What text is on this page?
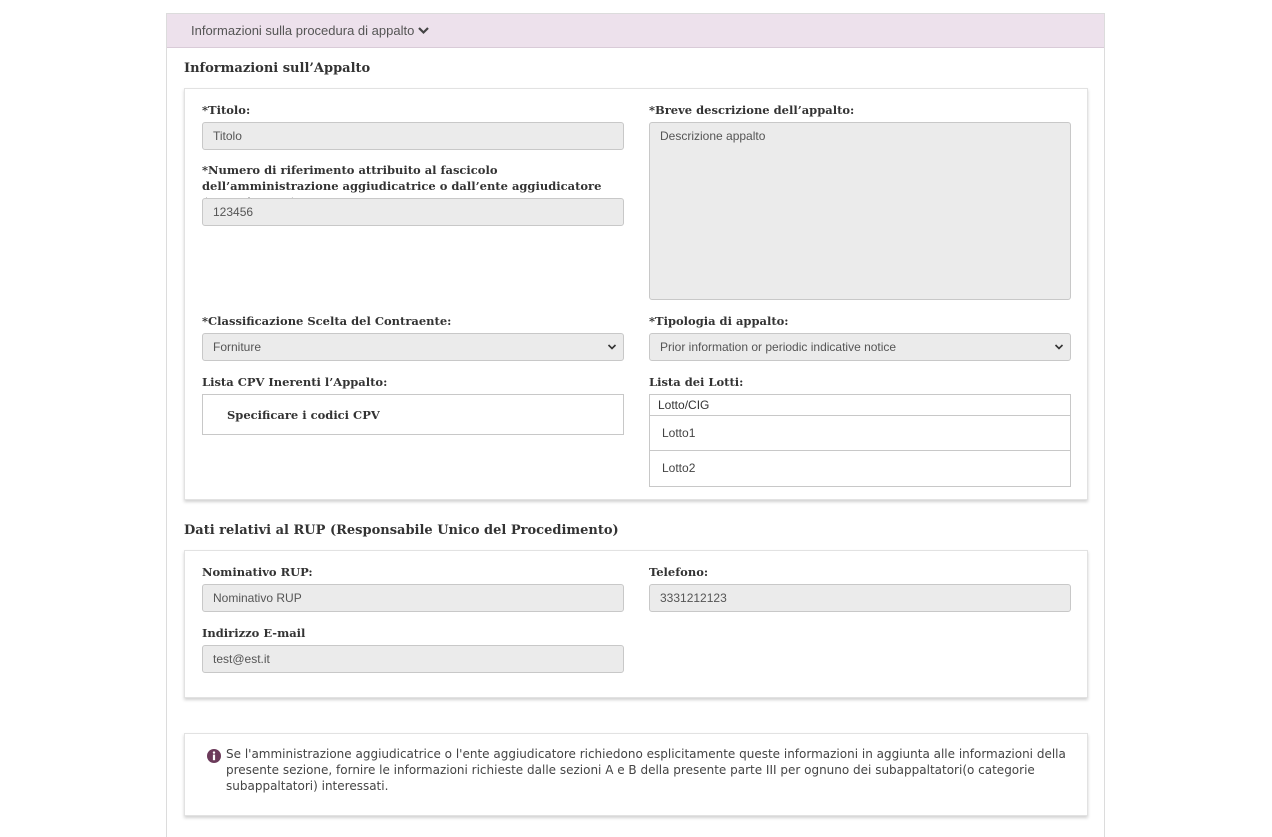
Informazioni sulla procedura di appalto
Informazioni sull’Appalto
*Titolo:
Titolo
*Numero di riferimento attribuito al fascicolo dell’amministrazione aggiudicatrice o dall’ente aggiudicatore
123456
*Breve descrizione dell’appalto:
Descrizione appalto
*Classificazione Scelta del Contraente:
Forniture
*Tipologia di appalto:
Prior information or periodic indicative notice
Lista CPV Inerenti l’Appalto:
Specificare i codici CPV
Lista dei Lotti:
Lotto/CIG
Lotto1
Lotto2
Dati relativi al RUP (Responsabile Unico del Procedimento)
Nominativo RUP:
Nominativo RUP
Telefono:
3331212123
Indirizzo E-mail
test@est.it
Se l'amministrazione aggiudicatrice o l'ente aggiudicatore richiedono esplicitamente queste informazioni in aggiunta alle informazioni della presente sezione, fornire le informazioni richieste dalle sezioni A e B della presente parte III per ognuno dei subappaltatori(o categorie subappaltatori) interessati.
